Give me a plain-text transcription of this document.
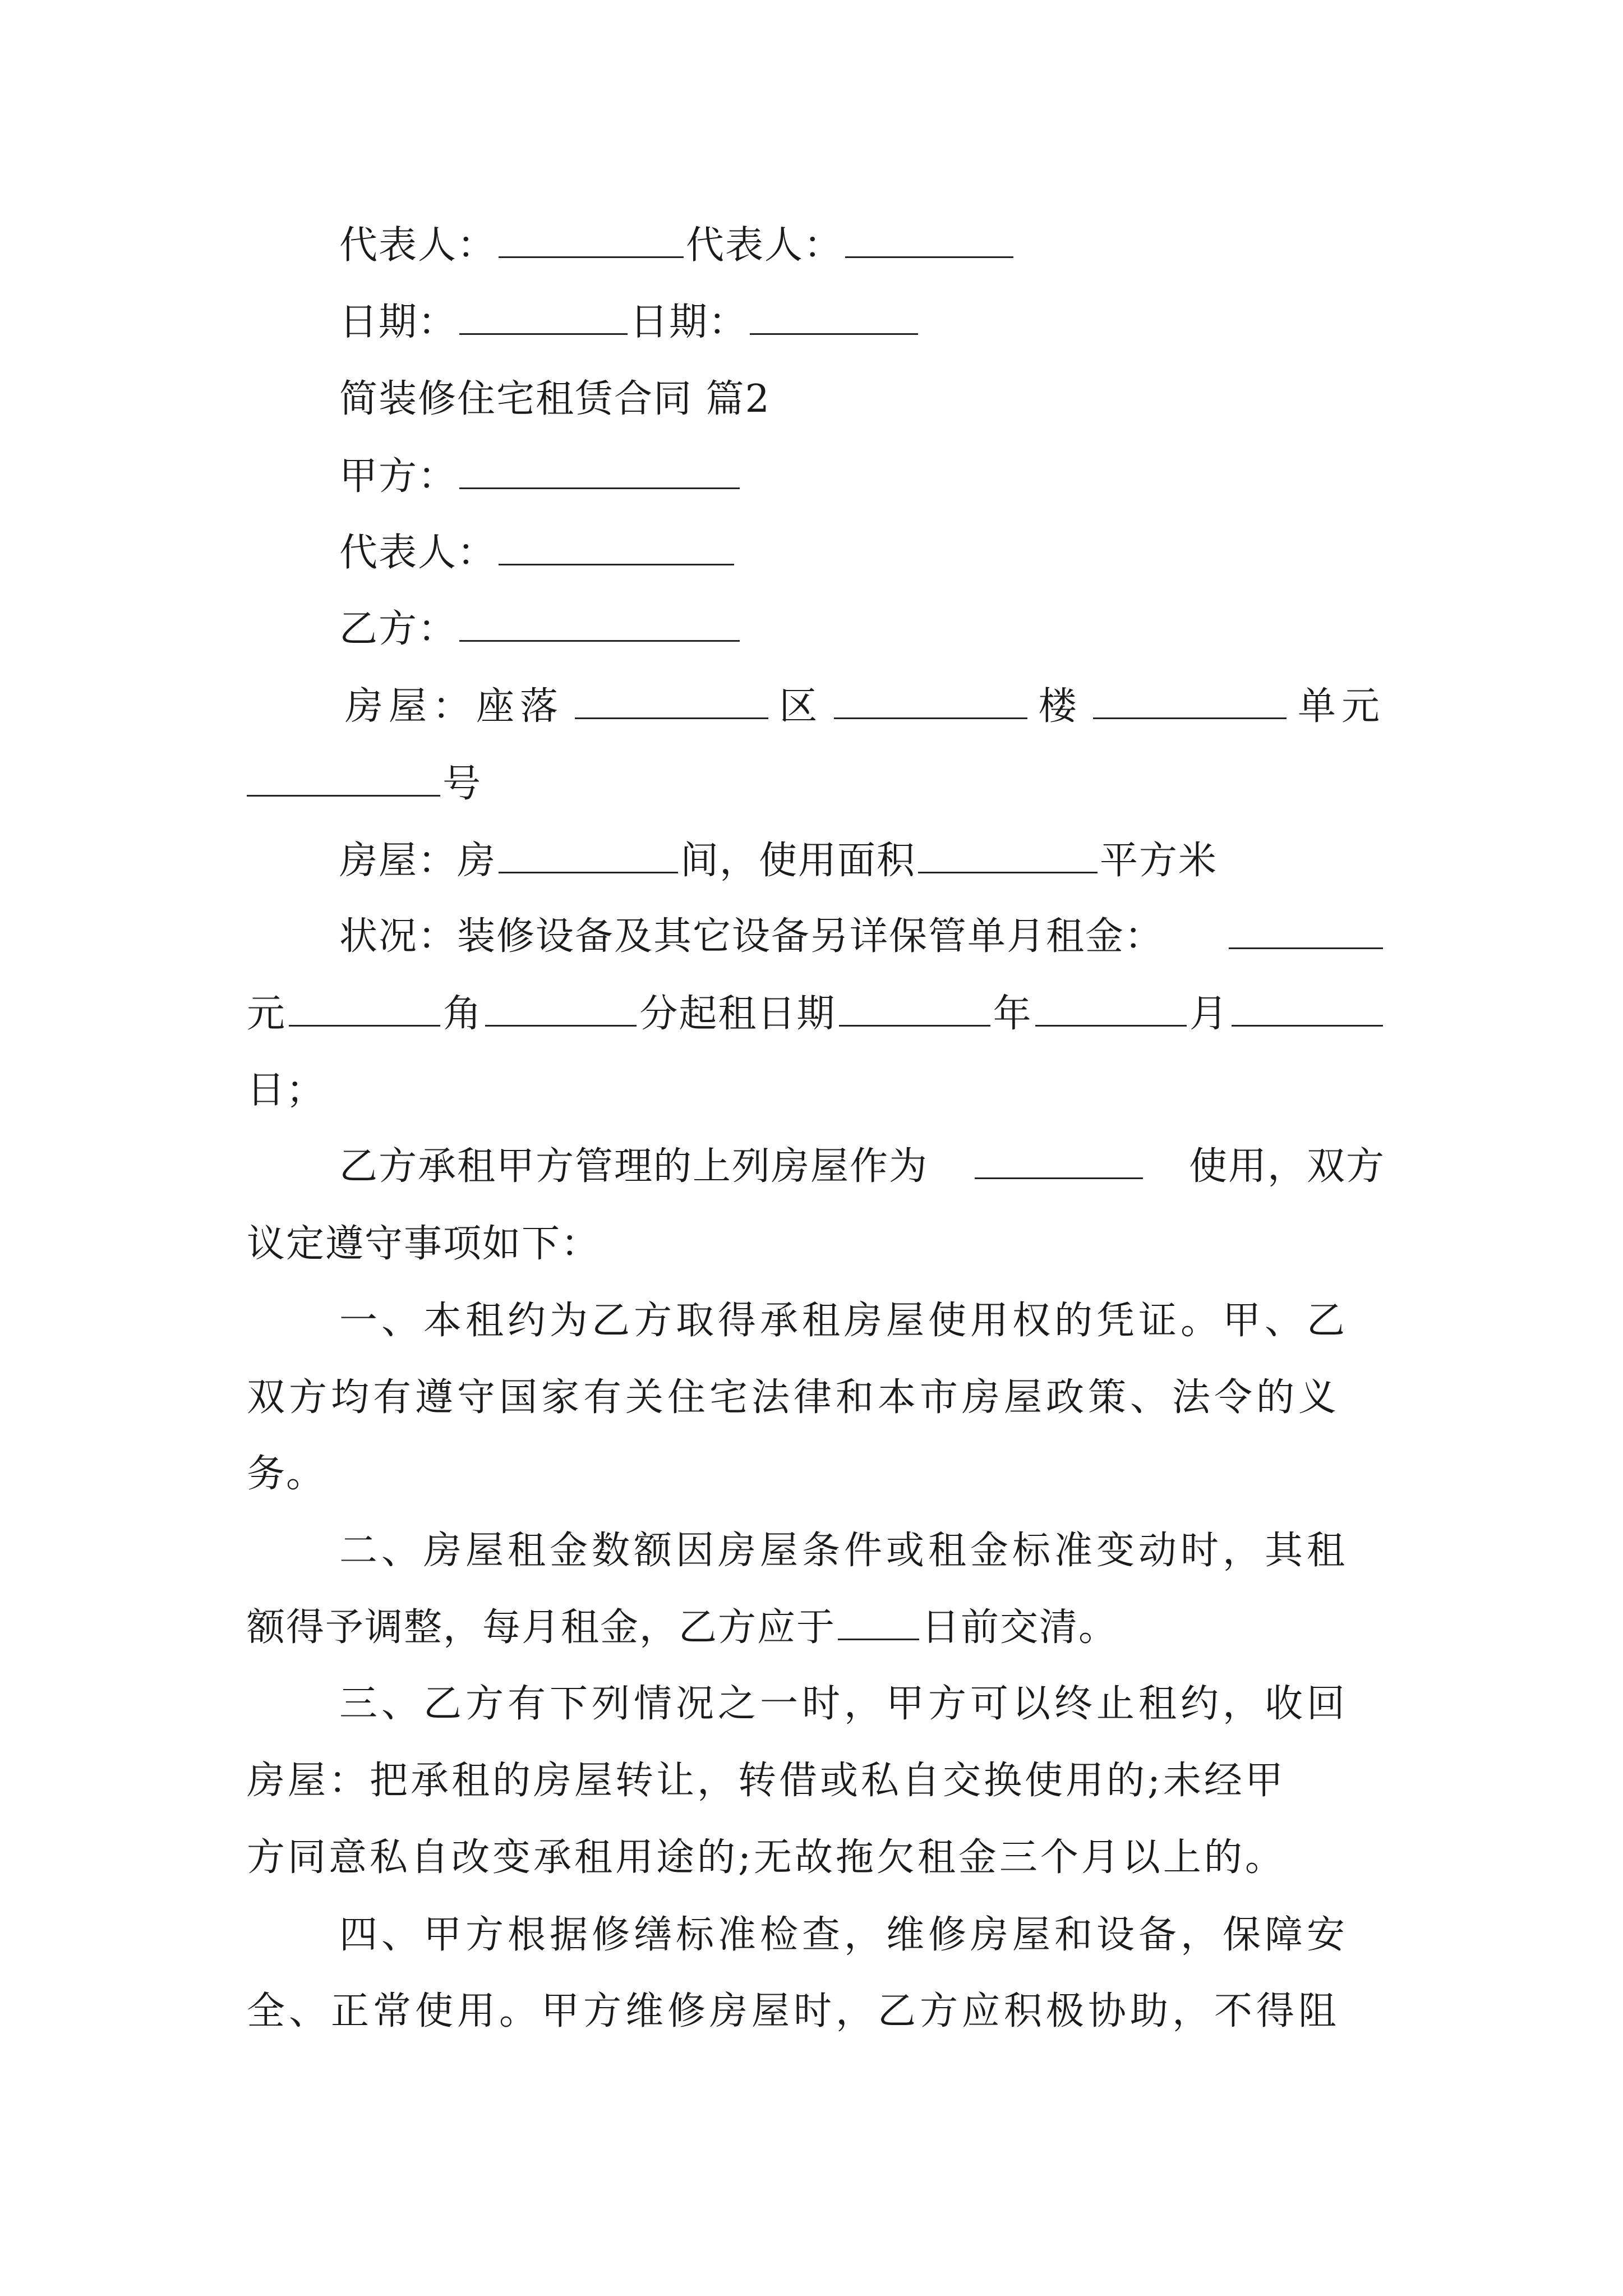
代表人：	代表人：
日期：	日期：
简装修住宅租赁合同 篇2
甲方：
代表人：
乙方：
房屋：座落	区	楼	单元
号
房屋：房	间，使用面积	平方米
状况：装修设备及其它设备另详保管单月租金：
元	角	分起租日期	年	月
日；
乙方承租甲方管理的上列房屋作为	使用，双方
议定遵守事项如下：
一、本租约为乙方取得承租房屋使用权的凭证。甲、乙
双方均有遵守国家有关住宅法律和本市房屋政策、法令的义
务。
二、房屋租金数额因房屋条件或租金标准变动时，其租
额得予调整，每月租金，乙方应于 日前交清。
三、乙方有下列情况之一时，甲方可以终止租约，收回
房屋：把承租的房屋转让，转借或私自交换使用的;未经甲
方同意私自改变承租用途的;无故拖欠租金三个月以上的。
四、甲方根据修缮标准检查，维修房屋和设备，保障安
全、正常使用。甲方维修房屋时，乙方应积极协助，不得阻
